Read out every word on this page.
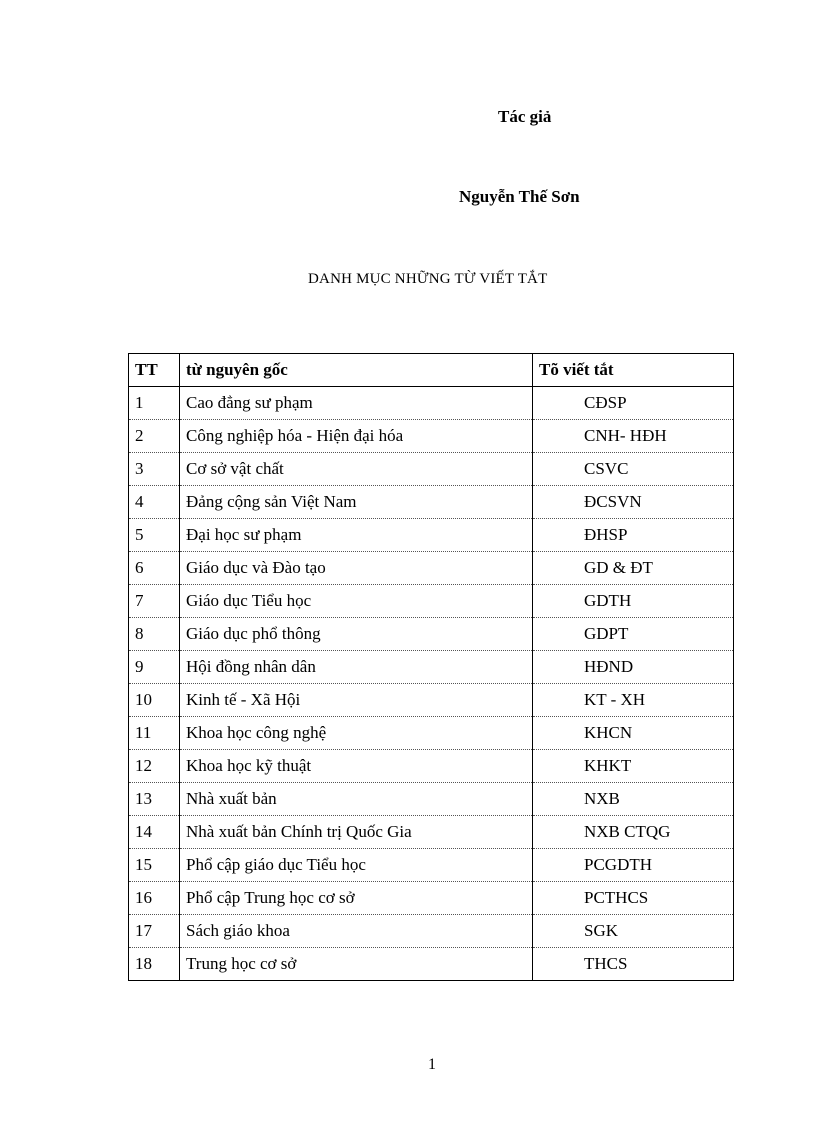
Tác giả
Nguyễn Thế Sơn
DANH MỤC NHỮNG TỪ VIẾT TẮT
TT	từ nguyên gốc	Tõ viết tắt
1	Cao đẳng sư phạm	CĐSP
2	Công nghiệp hóa - Hiện đại hóa	CNH- HĐH
3	Cơ sở vật chất	CSVC
4	Đảng cộng sản Việt Nam	ĐCSVN
5	Đại học sư phạm	ĐHSP
6	Giáo dục và Đào tạo	GD & ĐT
7	Giáo dục Tiểu học	GDTH
8	Giáo dục phổ thông	GDPT
9	Hội đồng nhân dân	HĐND
10	Kinh tế - Xã Hội	KT - XH
11	Khoa học công nghệ	KHCN
12	Khoa học kỹ thuật	KHKT
13	Nhà xuất bản	NXB
14	Nhà xuất bản Chính trị Quốc Gia	NXB CTQG
15	Phổ cập giáo dục Tiểu học	PCGDTH
16	Phổ cập Trung học cơ sở	PCTHCS
17	Sách giáo khoa	SGK
18	Trung học cơ sở	THCS
1
